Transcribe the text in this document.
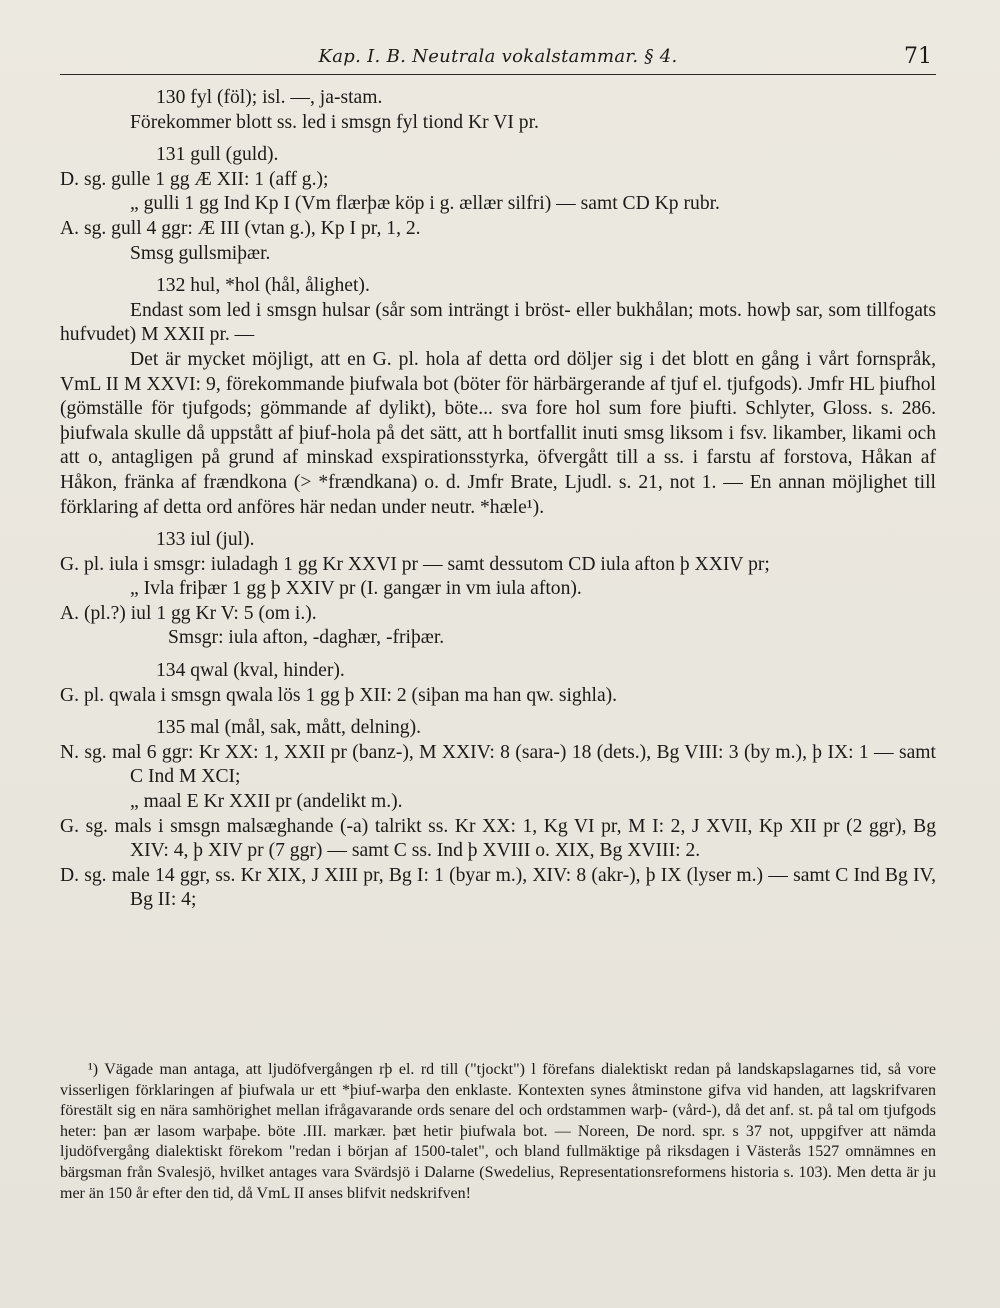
Kap. I. B. Neutrala vokalstammar. § 4.	71

130 fyl (föl); isl. —, ja-stam.

Förekommer blott ss. led i smsgn fyl tiond Kr VI pr.

131 gull (guld).

D. sg. gulle 1 gg Æ XII: 1 (aff g.);

„ gulli 1 gg Ind Kp I (Vm flærþæ köp i g. ællær silfri) — samt CD Kp rubr.

A. sg. gull 4 ggr: Æ III (vtan g.), Kp I pr, 1, 2.

Smsg gullsmiþær.

132 hul, *hol (hål, ålighet).

Endast som led i smsgn hulsar (sår som inträngt i bröst- eller bukhålan; mots. howþ sar, som tillfogats hufvudet) M XXII pr. —

Det är mycket möjligt, att en G. pl. hola af detta ord döljer sig i det blott en gång i vårt fornspråk, VmL II M XXVI: 9, förekommande þiufwala bot (böter för härbärgerande af tjuf el. tjufgods). Jmfr HL þiufhol (gömställe för tjufgods; gömmande af dylikt), böte... sva fore hol sum fore þiufti. Schlyter, Gloss. s. 286. þiufwala skulle då uppstått af þiuf-hola på det sätt, att h bortfallit inuti smsg liksom i fsv. likamber, likami och att o, antagligen på grund af minskad exspirationsstyrka, öfvergått till a ss. i farstu af forstova, Håkan af Håkon, fränka af frændkona (> *frændkana) o. d. Jmfr Brate, Ljudl. s. 21, not 1. — En annan möjlighet till förklaring af detta ord anföres här nedan under neutr. *hæle¹).

133 iul (jul).

G. pl. iula i smsgr: iuladagh 1 gg Kr XXVI pr — samt dessutom CD iula afton þ XXIV pr;

„ Ivla friþær 1 gg þ XXIV pr (I. gangær in vm iula afton).

A. (pl.?) iul 1 gg Kr V: 5 (om i.).

Smsgr: iula afton, -daghær, -friþær.

134 qwal (kval, hinder).

G. pl. qwala i smsgn qwala lös 1 gg þ XII: 2 (siþan ma han qw. sighla).

135 mal (mål, sak, mått, delning).

N. sg. mal 6 ggr: Kr XX: 1, XXII pr (banz-), M XXIV: 8 (sara-) 18 (dets.), Bg VIII: 3 (by m.), þ IX: 1 — samt C Ind M XCI;

„ maal E Kr XXII pr (andelikt m.).

G. sg. mals i smsgn malsæghande (-a) talrikt ss. Kr XX: 1, Kg VI pr, M I: 2, J XVII, Kp XII pr (2 ggr), Bg XIV: 4, þ XIV pr (7 ggr) — samt C ss. Ind þ XVIII o. XIX, Bg XVIII: 2.

D. sg. male 14 ggr, ss. Kr XIX, J XIII pr, Bg I: 1 (byar m.), XIV: 8 (akr-), þ IX (lyser m.) — samt C Ind Bg IV, Bg II: 4;

¹) Vägade man antaga, att ljudöfvergången rþ el. rd till ("tjockt") l förefans dialektiskt redan på landskapslagarnes tid, så vore visserligen förklaringen af þiufwala ur ett *þiuf-warþa den enklaste. Kontexten synes åtminstone gifva vid handen, att lagskrifvaren förestält sig en nära samhörighet mellan ifrågavarande ords senare del och ordstammen warþ- (vård-), då det anf. st. på tal om tjufgods heter: þan ær lasom warþaþe. böte .III. markær. þæt hetir þiufwala bot. — Noreen, De nord. spr. s 37 not, uppgifver att nämda ljudöfvergång dialektiskt förekom "redan i början af 1500-talet", och bland fullmäktige på riksdagen i Västerås 1527 omnämnes en bärgsman från Svalesjö, hvilket antages vara Svärdsjö i Dalarne (Swedelius, Representationsreformens historia s. 103). Men detta är ju mer än 150 år efter den tid, då VmL II anses blifvit nedskrifven!
